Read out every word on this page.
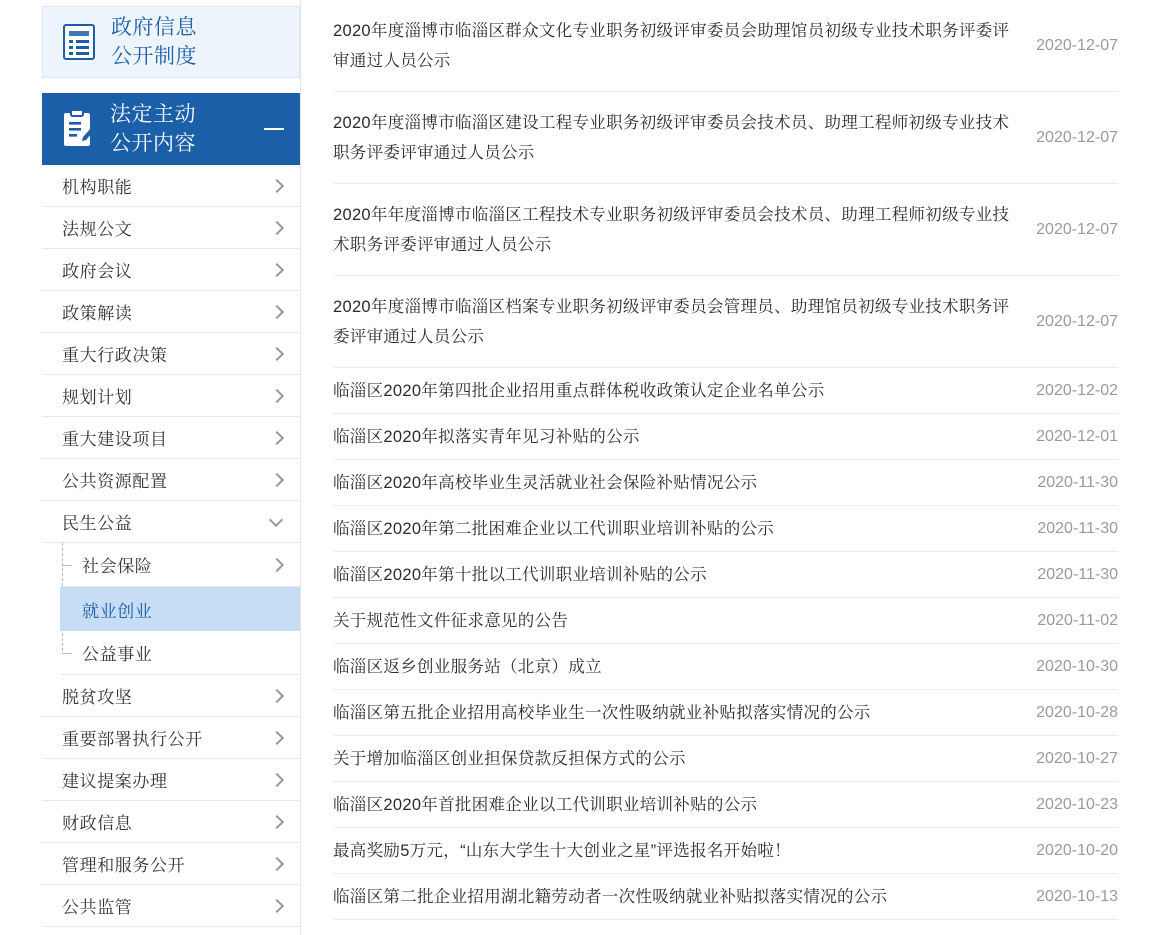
政府信息
公开制度
法定主动
公开内容
机构职能
法规公文
政府会议
政策解读
重大行政决策
规划计划
重大建设项目
公共资源配置
民生公益
社会保险
就业创业
公益事业
脱贫攻坚
重要部署执行公开
建议提案办理
财政信息
管理和服务公开
公共监管
2020年度淄博市临淄区群众文化专业职务初级评审委员会助理馆员初级专业技术职务评委评审通过人员公示
2020-12-07
2020年度淄博市临淄区建设工程专业职务初级评审委员会技术员、助理工程师初级专业技术职务评委评审通过人员公示
2020-12-07
2020年年度淄博市临淄区工程技术专业职务初级评审委员会技术员、助理工程师初级专业技术职务评委评审通过人员公示
2020-12-07
2020年度淄博市临淄区档案专业职务初级评审委员会管理员、助理馆员初级专业技术职务评委评审通过人员公示
2020-12-07
临淄区2020年第四批企业招用重点群体税收政策认定企业名单公示	2020-12-02
临淄区2020年拟落实青年见习补贴的公示	2020-12-01
临淄区2020年高校毕业生灵活就业社会保险补贴情况公示	2020-11-30
临淄区2020年第二批困难企业以工代训职业培训补贴的公示	2020-11-30
临淄区2020年第十批以工代训职业培训补贴的公示	2020-11-30
关于规范性文件征求意见的公告	2020-11-02
临淄区返乡创业服务站（北京）成立	2020-10-30
临淄区第五批企业招用高校毕业生一次性吸纳就业补贴拟落实情况的公示	2020-10-28
关于增加临淄区创业担保贷款反担保方式的公示	2020-10-27
临淄区2020年首批困难企业以工代训职业培训补贴的公示	2020-10-23
最高奖励5万元，“山东大学生十大创业之星”评选报名开始啦！	2020-10-20
临淄区第二批企业招用湖北籍劳动者一次性吸纳就业补贴拟落实情况的公示	2020-10-13
